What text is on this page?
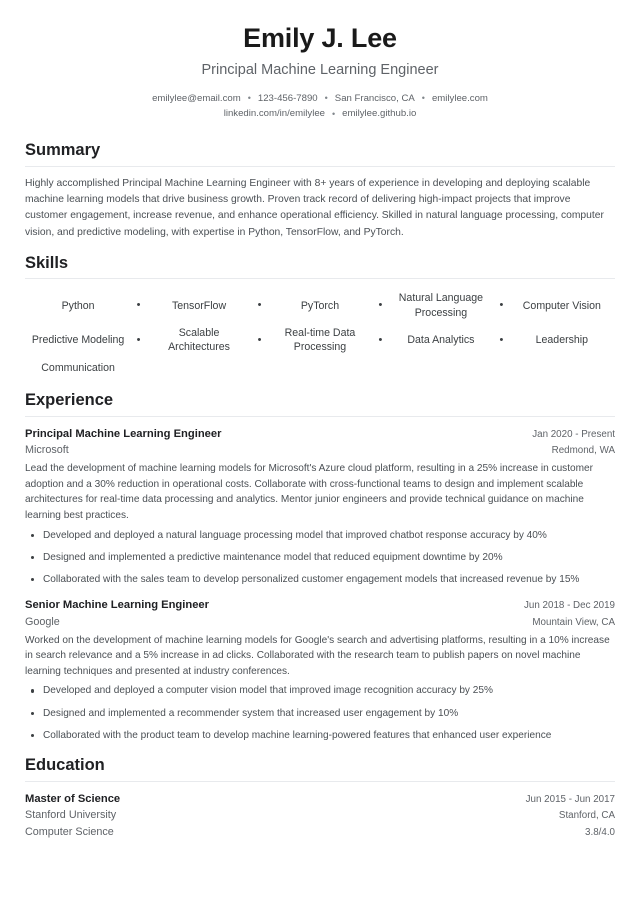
Emily J. Lee
Principal Machine Learning Engineer
emilylee@email.com • 123-456-7890 • San Francisco, CA • emilylee.com
linkedin.com/in/emilylee • emilylee.github.io
Summary

Highly accomplished Principal Machine Learning Engineer with 8+ years of experience in developing and deploying scalable machine learning models that drive business growth. Proven track record of delivering high-impact projects that improve customer engagement, increase revenue, and enhance operational efficiency. Skilled in natural language processing, computer vision, and predictive modeling, with expertise in Python, TensorFlow, and PyTorch.

Skills
Python	•	TensorFlow	•	PyTorch	•
Natural Language Processing
•	Computer Vision
Predictive Modeling	•
Scalable Architectures
•
Real-time Data Processing
•	Data Analytics	•	Leadership
Communication
Experience
Principal Machine Learning Engineer	Jan 2020 - Present
Microsoft	Redmond, WA

Lead the development of machine learning models for Microsoft's Azure cloud platform, resulting in a 25% increase in customer adoption and a 30% reduction in operational costs. Collaborate with cross-functional teams to design and implement scalable architectures for real-time data processing and analytics. Mentor junior engineers and provide technical guidance on machine learning best practices.

Developed and deployed a natural language processing model that improved chatbot response accuracy by 40%
Designed and implemented a predictive maintenance model that reduced equipment downtime by 20%
Collaborated with the sales team to develop personalized customer engagement models that increased revenue by 15%
Senior Machine Learning Engineer	Jun 2018 - Dec 2019
Google	Mountain View, CA

Worked on the development of machine learning models for Google's search and advertising platforms, resulting in a 10% increase in search relevance and a 5% increase in ad clicks. Collaborated with the research team to publish papers on novel machine learning techniques and presented at industry conferences.

Developed and deployed a computer vision model that improved image recognition accuracy by 25%
Designed and implemented a recommender system that increased user engagement by 10%
Collaborated with the product team to develop machine learning-powered features that enhanced user experience
Education
Master of Science	Jun 2015 - Jun 2017
Stanford University	Stanford, CA
Computer Science	3.8/4.0
